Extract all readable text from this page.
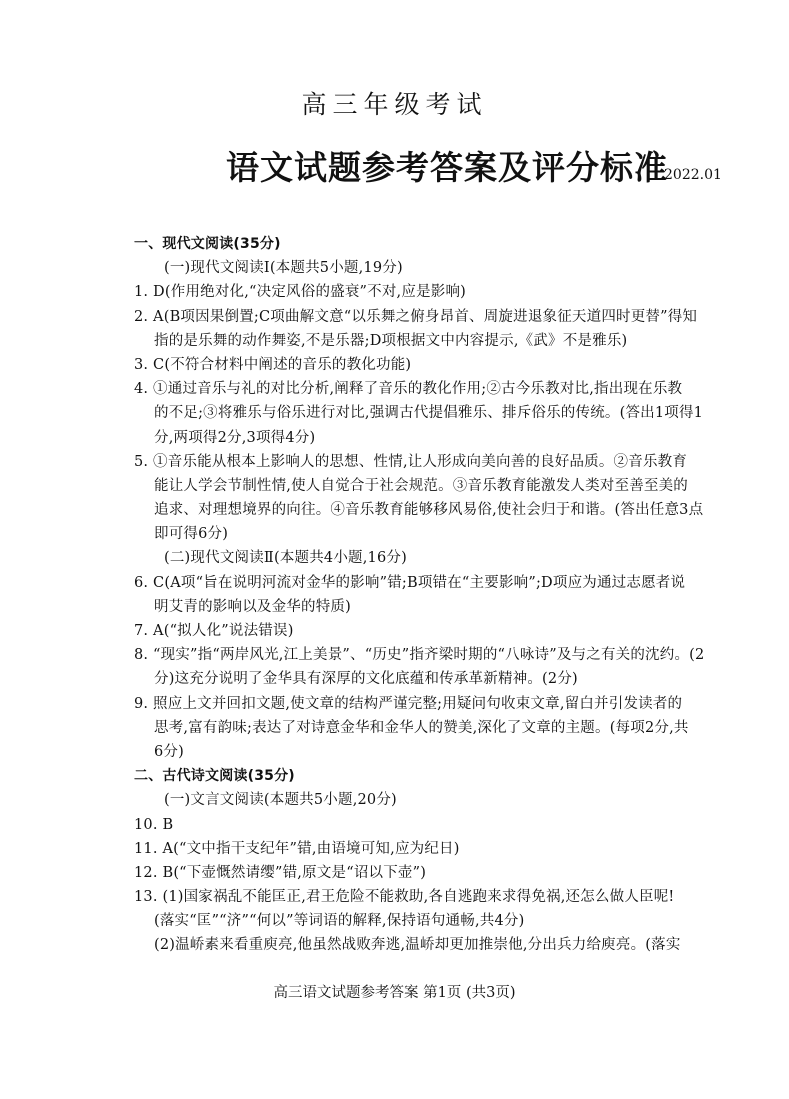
高三年级考试
语文试题参考答案及评分标准
2022.01
一、现代文阅读(35分)
(一)现代文阅读Ⅰ(本题共5小题,19分)
1. D(作用绝对化,“决定风俗的盛衰”不对,应是影响)
2. A(B项因果倒置;C项曲解文意“以乐舞之俯身昂首、周旋进退象征天道四时更替”得知
指的是乐舞的动作舞姿,不是乐器;D项根据文中内容提示,《武》不是雅乐)
3. C(不符合材料中阐述的音乐的教化功能)
4. ①通过音乐与礼的对比分析,阐释了音乐的教化作用;②古今乐教对比,指出现在乐教
的不足;③将雅乐与俗乐进行对比,强调古代提倡雅乐、排斥俗乐的传统。(答出1项得1
分,两项得2分,3项得4分)
5. ①音乐能从根本上影响人的思想、性情,让人形成向美向善的良好品质。②音乐教育
能让人学会节制性情,使人自觉合于社会规范。③音乐教育能激发人类对至善至美的
追求、对理想境界的向往。④音乐教育能够移风易俗,使社会归于和谐。(答出任意3点
即可得6分)
(二)现代文阅读Ⅱ(本题共4小题,16分)
6. C(A项“旨在说明河流对金华的影响”错;B项错在“主要影响”;D项应为通过志愿者说
明艾青的影响以及金华的特质)
7. A(“拟人化”说法错误)
8. “现实”指“两岸风光,江上美景”、“历史”指齐梁时期的“八咏诗”及与之有关的沈约。(2
分)这充分说明了金华具有深厚的文化底蕴和传承革新精神。(2分)
9. 照应上文并回扣文题,使文章的结构严谨完整;用疑问句收束文章,留白并引发读者的
思考,富有韵味;表达了对诗意金华和金华人的赞美,深化了文章的主题。(每项2分,共
6分)
二、古代诗文阅读(35分)
(一)文言文阅读(本题共5小题,20分)
10. B
11. A(“文中指干支纪年”错,由语境可知,应为纪日)
12. B(“下壶慨然请缨”错,原文是“诏以下壶”)
13. (1)国家祸乱不能匡正,君王危险不能救助,各自逃跑来求得免祸,还怎么做人臣呢!
(落实“匡”“济”“何以”等词语的解释,保持语句通畅,共4分)
(2)温峤素来看重庾亮,他虽然战败奔逃,温峤却更加推崇他,分出兵力给庾亮。(落实
高三语文试题参考答案 第1页 (共3页)
